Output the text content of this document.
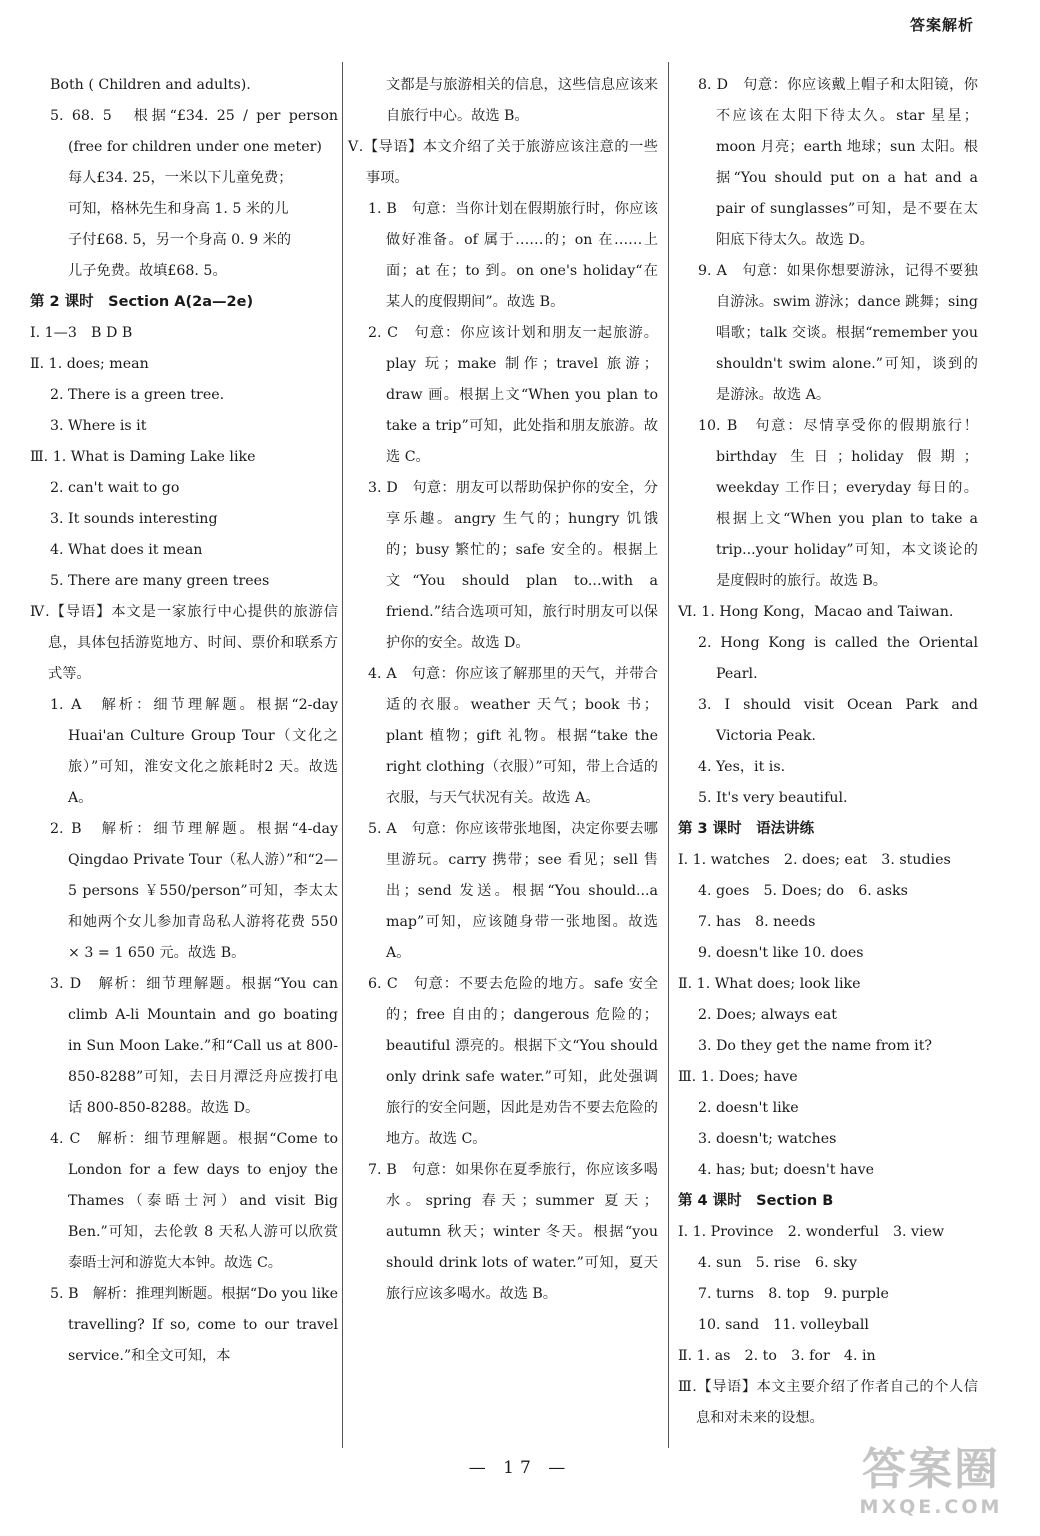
答案解析

Both ( Children and adults).

5. 68. 5　根据“£34. 25 / per person (free for children under one meter)

每人£34. 25，一米以下儿童免费；

可知，格林先生和身高 1. 5 米的儿

子付£68. 5，另一个身高 0. 9 米的

儿子免费。故填£68. 5。

第 2 课时　Section A(2a—2e)

Ⅰ. 1—3　B D B

Ⅱ. 1. does; mean

2. There is a green tree.

3. Where is it

Ⅲ. 1. What is Daming Lake like

2. can't wait to go

3. It sounds interesting

4. What does it mean

5. There are many green trees

Ⅳ.【导语】本文是一家旅行中心提供的旅游信息，具体包括游览地方、时间、票价和联系方式等。

1. A　解析：细节理解题。根据“2-day Huai'an Culture Group Tour（文化之旅）”可知，淮安文化之旅耗时2 天。故选 A。

2. B　解析：细节理解题。根据“4-day Qingdao Private Tour（私人游）”和“2—5 persons ￥550/person”可知，李太太和她两个女儿参加青岛私人游将花费 550 × 3 = 1 650 元。故选 B。

3. D　解析：细节理解题。根据“You can climb A-li Mountain and go boating in Sun Moon Lake.”和“Call us at 800-850-8288”可知，去日月潭泛舟应拨打电话 800-850-8288。故选 D。

4. C　解析：细节理解题。根据“Come to London for a few days to enjoy the Thames（泰晤士河）and visit Big Ben.”可知，去伦敦 8 天私人游可以欣赏泰晤士河和游览大本钟。故选 C。

5. B　解析：推理判断题。根据“Do you like travelling? If so, come to our travel service.”和全文可知，本

文都是与旅游相关的信息，这些信息应该来自旅行中心。故选 B。

Ⅴ.【导语】本文介绍了关于旅游应该注意的一些事项。

1. B　句意：当你计划在假期旅行时，你应该做好准备。of 属于……的；on 在……上面；at 在；to 到。on one's holiday“在某人的度假期间”。故选 B。

2. C　句意：你应该计划和朋友一起旅游。play 玩；make 制作；travel 旅游；draw 画。根据上文“When you plan to take a trip”可知，此处指和朋友旅游。故选 C。

3. D　句意：朋友可以帮助保护你的安全，分享乐趣。angry 生气的；hungry 饥饿的；busy 繁忙的；safe 安全的。根据上文“You should plan to...with a friend.”结合选项可知，旅行时朋友可以保护你的安全。故选 D。

4. A　句意：你应该了解那里的天气，并带合适的衣服。weather 天气；book 书；plant 植物；gift 礼物。根据“take the right clothing（衣服）”可知，带上合适的衣服，与天气状况有关。故选 A。

5. A　句意：你应该带张地图，决定你要去哪里游玩。carry 携带；see 看见；sell 售出；send 发送。根据“You should...a map”可知，应该随身带一张地图。故选 A。

6. C　句意：不要去危险的地方。safe 安全的；free 自由的；dangerous 危险的；beautiful 漂亮的。根据下文“You should only drink safe water.”可知，此处强调旅行的安全问题，因此是劝告不要去危险的地方。故选 C。

7. B　句意：如果你在夏季旅行，你应该多喝水。spring 春天；summer 夏天；autumn 秋天；winter 冬天。根据“you should drink lots of water.”可知，夏天旅行应该多喝水。故选 B。

8. D　句意：你应该戴上帽子和太阳镜，你不应该在太阳下待太久。star 星星；moon 月亮；earth 地球；sun 太阳。根据“You should put on a hat and a pair of sunglasses”可知，是不要在太阳底下待太久。故选 D。

9. A　句意：如果你想要游泳，记得不要独自游泳。swim 游泳；dance 跳舞；sing 唱歌；talk 交谈。根据“remember you shouldn't swim alone.”可知，谈到的是游泳。故选 A。

10. B　句意：尽情享受你的假期旅行！birthday 生日；holiday 假期；weekday 工作日；everyday 每日的。根据上文“When you plan to take a trip...your holiday”可知，本文谈论的是度假时的旅行。故选 B。

Ⅵ. 1. Hong Kong，Macao and Taiwan.

2. Hong Kong is called the Oriental Pearl.

3. I should visit Ocean Park and Victoria Peak.

4. Yes，it is.

5. It's very beautiful.

第 3 课时　语法讲练

Ⅰ. 1. watches　2. does; eat　3. studies

4. goes　5. Does; do　6. asks

7. has　8. needs

9. doesn't like 10. does

Ⅱ. 1. What does; look like

2. Does; always eat

3. Do they get the name from it?

Ⅲ. 1. Does; have

2. doesn't like

3. doesn't; watches

4. has; but; doesn't have

第 4 课时　Section B

Ⅰ. 1. Province　2. wonderful　3. view

4. sun　5. rise　6. sky

7. turns　8. top　9. purple

10. sand　11. volleyball

Ⅱ. 1. as　2. to　3. for　4. in

Ⅲ.【导语】本文主要介绍了作者自己的个人信息和对未来的设想。

— 17 —	答案圈
MXQE.COM
